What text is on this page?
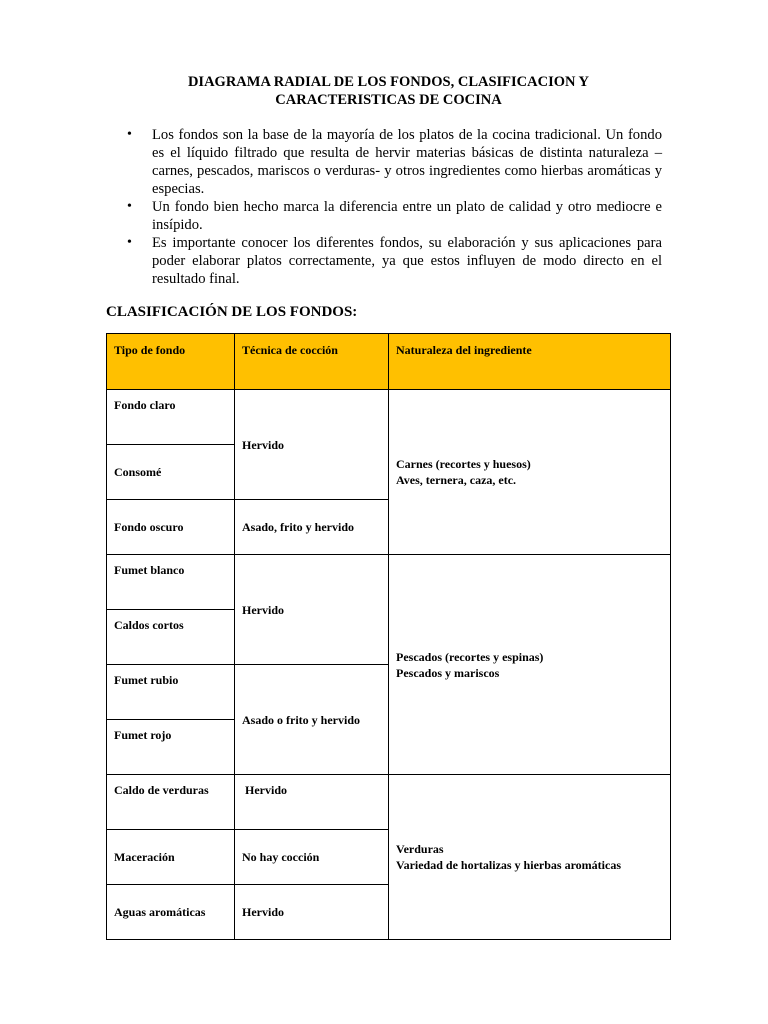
DIAGRAMA RADIAL DE LOS FONDOS, CLASIFICACION Y
CARACTERISTICAS DE COCINA
• Los fondos son la base de la mayoría de los platos de la cocina tradicional. Un fondo es el líquido filtrado que resulta de hervir materias básicas de distinta naturaleza – carnes, pescados, mariscos o verduras- y otros ingredientes como hierbas aromáticas y especias.
• Un fondo bien hecho marca la diferencia entre un plato de calidad y otro mediocre e insípido.
• Es importante conocer los diferentes fondos, su elaboración y sus aplicaciones para poder elaborar platos correctamente, ya que estos influyen de modo directo en el resultado final.
CLASIFICACIÓN DE LOS FONDOS:
Tipo de fondo	Técnica de cocción	Naturaleza del ingrediente
Fondo claro	Hervido	Carnes (recortes y huesos)
Aves, ternera, caza, etc.

Consomé		
Fondo oscuro	Asado, frito y hervido	
Fumet blanco	Hervido	Pescados (recortes y espinas)
Pescados y mariscos

Caldos cortos		
Fumet rubio	Asado o frito y hervido	
Fumet rojo		
Caldo de verduras	Hervido	Verduras
Variedad de hortalizas y hierbas aromáticas

Maceración	No hay cocción	
Aguas aromáticas	Hervido	
